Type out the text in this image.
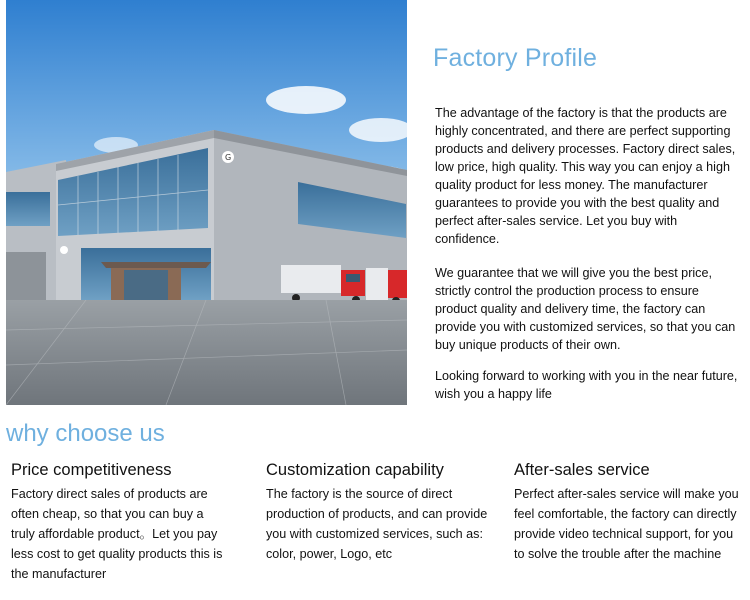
G
Factory Profile

The advantage of the factory is that the products are highly concentrated, and there are perfect supporting products and delivery processes. Factory direct sales, low price, high quality. This way you can enjoy a high quality product for less money. The manufacturer guarantees to provide you with the best quality and perfect after-sales service. Let you buy with confidence.

We guarantee that we will give you the best price, strictly control the production process to ensure product quality and delivery time, the factory can provide you with customized services, so that you can buy unique products of their own.

Looking forward to working with you in the near future, wish you a happy life

why choose us
Price competitiveness

Factory direct sales of products are often cheap, so that you can buy a truly affordable product。Let you pay less cost to get quality products this is the manufacturer

Customization capability

The factory is the source of direct production of products, and can provide you with customized services, such as: color, power, Logo, etc

After-sales service

Perfect after-sales service will make you feel comfortable, the factory can directly provide video technical support, for you to solve the trouble after the machine
